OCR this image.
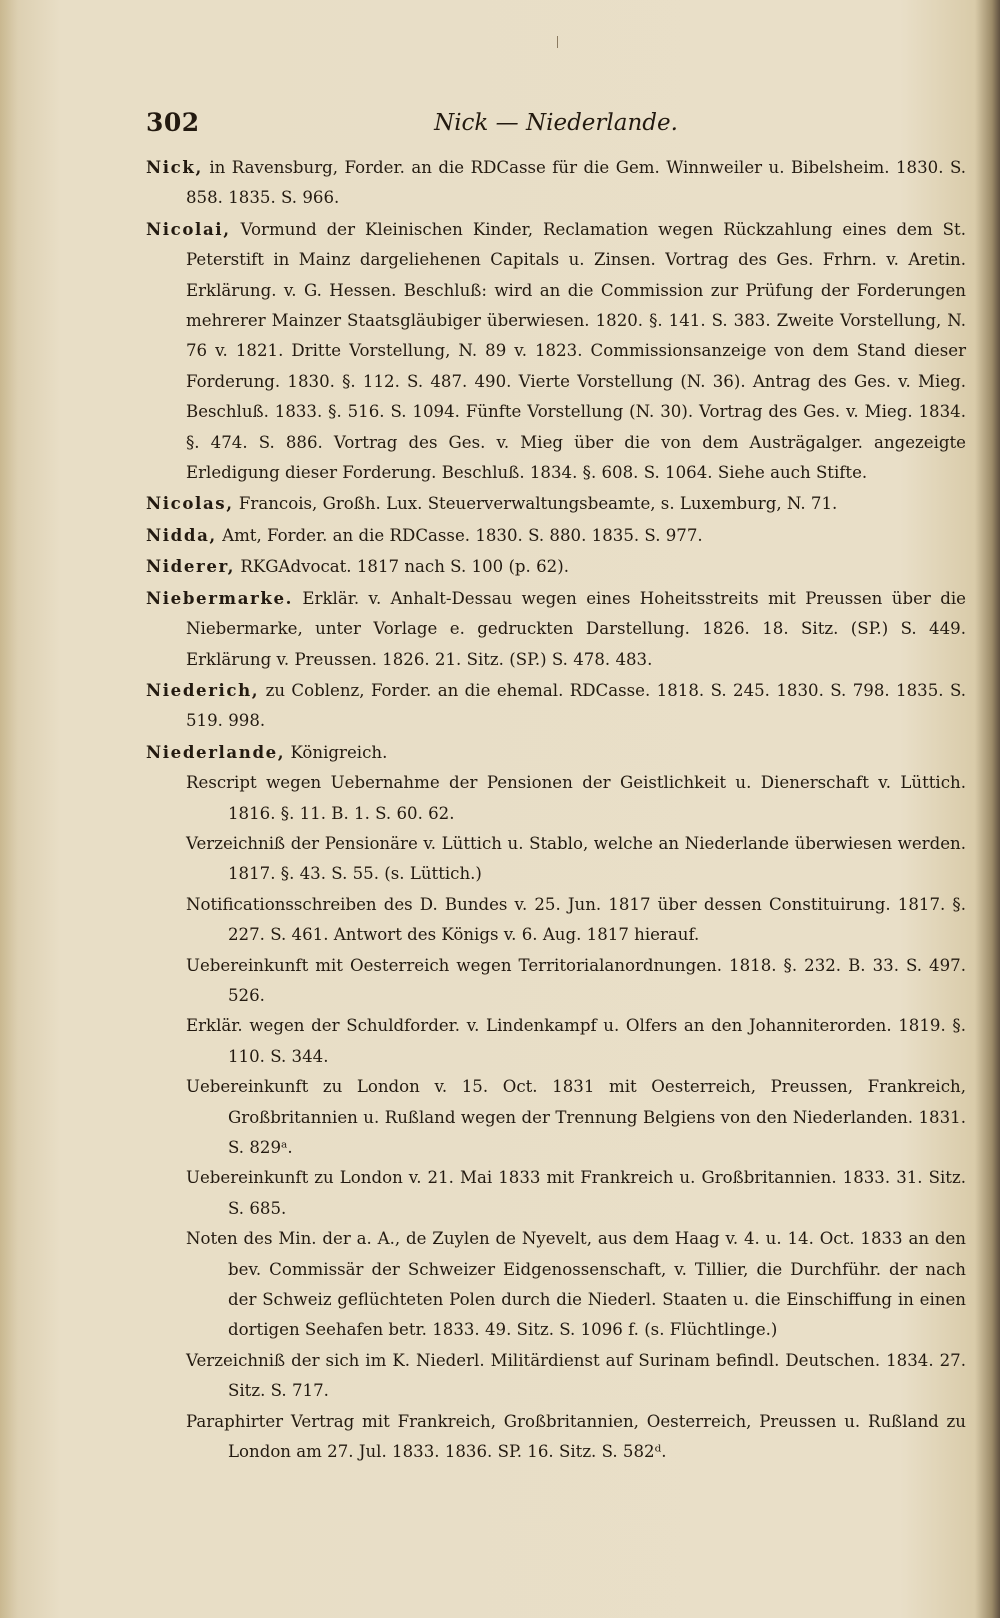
302	Nick — Niederlande.

Nick, in Ravensburg, Forder. an die RDCasse für die Gem. Winnweiler u. Bibelsheim. 1830. S. 858. 1835. S. 966.

Nicolai, Vormund der Kleinischen Kinder, Reclamation wegen Rückzahlung eines dem St. Peterstift in Mainz dargeliehenen Capitals u. Zinsen. Vortrag des Ges. Frhrn. v. Aretin. Erklärung. v. G. Hessen. Beschluß: wird an die Commission zur Prüfung der Forderungen mehrerer Mainzer Staatsgläubiger überwiesen. 1820. §. 141. S. 383. Zweite Vorstellung, N. 76 v. 1821. Dritte Vorstellung, N. 89 v. 1823. Commissionsanzeige von dem Stand dieser Forderung. 1830. §. 112. S. 487. 490. Vierte Vorstellung (N. 36). Antrag des Ges. v. Mieg. Beschluß. 1833. §. 516. S. 1094. Fünfte Vorstellung (N. 30). Vortrag des Ges. v. Mieg. 1834. §. 474. S. 886. Vortrag des Ges. v. Mieg über die von dem Austrägalger. angezeigte Erledigung dieser Forderung. Beschluß. 1834. §. 608. S. 1064. Siehe auch Stifte.

Nicolas, Francois, Großh. Lux. Steuerverwaltungsbeamte, s. Luxemburg, N. 71.

Nidda, Amt, Forder. an die RDCasse. 1830. S. 880. 1835. S. 977.

Niderer, RKGAdvocat. 1817 nach S. 100 (p. 62).

Niebermarke. Erklär. v. Anhalt-Dessau wegen eines Hoheitsstreits mit Preussen über die Niebermarke, unter Vorlage e. gedruckten Darstellung. 1826. 18. Sitz. (SP.) S. 449. Erklärung v. Preussen. 1826. 21. Sitz. (SP.) S. 478. 483.

Niederich, zu Coblenz, Forder. an die ehemal. RDCasse. 1818. S. 245. 1830. S. 798. 1835. S. 519. 998.

Niederlande, Königreich.

Rescript wegen Uebernahme der Pensionen der Geistlichkeit u. Dienerschaft v. Lüttich. 1816. §. 11. B. 1. S. 60. 62.

Verzeichniß der Pensionäre v. Lüttich u. Stablo, welche an Niederlande überwiesen werden. 1817. §. 43. S. 55. (s. Lüttich.)

Notificationsschreiben des D. Bundes v. 25. Jun. 1817 über dessen Constituirung. 1817. §. 227. S. 461. Antwort des Königs v. 6. Aug. 1817 hierauf.

Uebereinkunft mit Oesterreich wegen Territorialanordnungen. 1818. §. 232. B. 33. S. 497. 526.

Erklär. wegen der Schuldforder. v. Lindenkampf u. Olfers an den Johanniterorden. 1819. §. 110. S. 344.

Uebereinkunft zu London v. 15. Oct. 1831 mit Oesterreich, Preussen, Frankreich, Großbritannien u. Rußland wegen der Trennung Belgiens von den Niederlanden. 1831. S. 829ᵃ.

Uebereinkunft zu London v. 21. Mai 1833 mit Frankreich u. Großbritannien. 1833. 31. Sitz. S. 685.

Noten des Min. der a. A., de Zuylen de Nyevelt, aus dem Haag v. 4. u. 14. Oct. 1833 an den bev. Commissär der Schweizer Eidgenossenschaft, v. Tillier, die Durchführ. der nach der Schweiz geflüchteten Polen durch die Niederl. Staaten u. die Einschiffung in einen dortigen Seehafen betr. 1833. 49. Sitz. S. 1096 f. (s. Flüchtlinge.)

Verzeichniß der sich im K. Niederl. Militärdienst auf Surinam befindl. Deutschen. 1834. 27. Sitz. S. 717.

Paraphirter Vertrag mit Frankreich, Großbritannien, Oesterreich, Preussen u. Rußland zu London am 27. Jul. 1833. 1836. SP. 16. Sitz. S. 582ᵈ.
